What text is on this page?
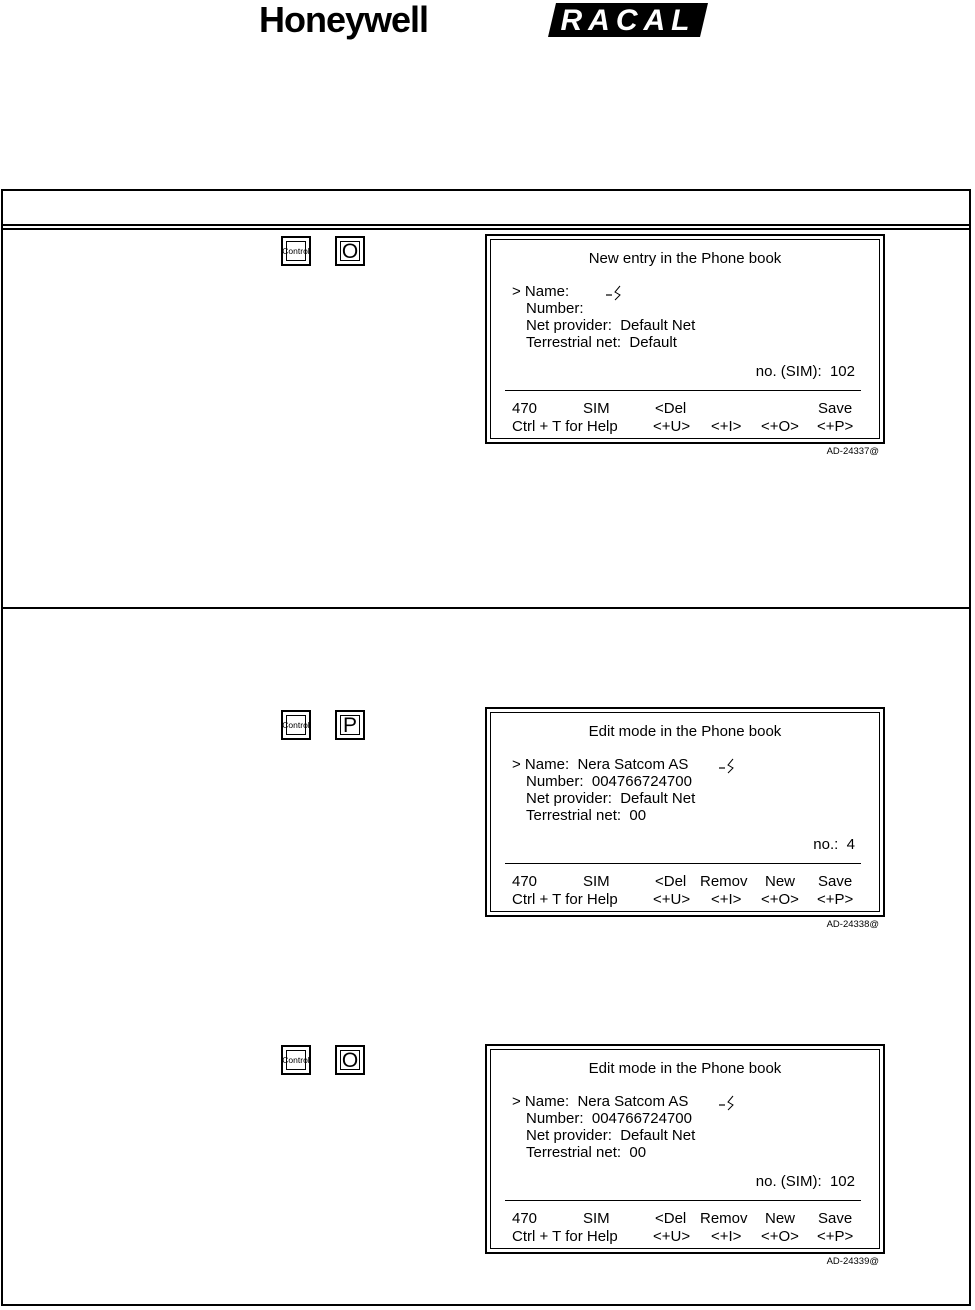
Honeywell	RACAL
Control O
Control P
Control O
New entry in the Phone book
> Name:
Number:
Net provider:  Default Net
Terrestrial net:  Default
no. (SIM):  102
470	SIM	<Del	Save
Ctrl + T for Help <+U> <+I> <+O> <+P>
AD-24337@
Edit mode in the Phone book
> Name:  Nera Satcom AS
Number:  004766724700
Net provider:  Default Net
Terrestrial net:  00
no.:  4
470	SIM	<Del Remov New Save
Ctrl + T for Help <+U> <+I> <+O> <+P>
AD-24338@
Edit mode in the Phone book
> Name:  Nera Satcom AS
Number:  004766724700
Net provider:  Default Net
Terrestrial net:  00
no. (SIM):  102
470	SIM	<Del Remov New Save
Ctrl + T for Help <+U> <+I> <+O> <+P>
AD-24339@
